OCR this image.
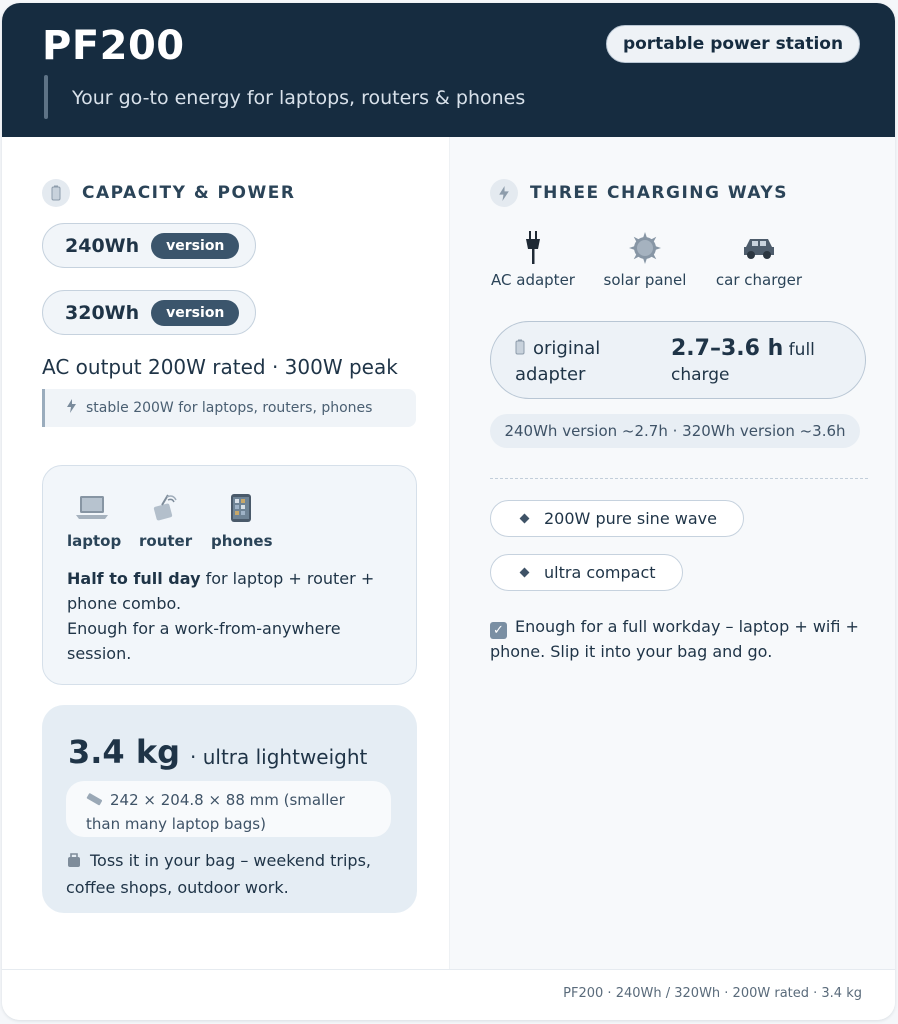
PF200	portable power station
Your go-to energy for laptops, routers & phones
CAPACITY & POWER
240Wh	version
320Wh	version
AC output 200W rated · 300W peak
stable 200W for laptops, routers, phones
laptop router phones
Half to full day for laptop + router + phone combo.
Enough for a work-from-anywhere session.
3.4 kg · ultra lightweight
242 × 204.8 × 88 mm (smaller than many laptop bags)
Toss it in your bag – weekend trips, coffee shops, outdoor work.
THREE CHARGING WAYS
AC adapter solar panel car charger
original adapter
2.7–3.6 h full charge
240Wh version ~2.7h · 320Wh version ~3.6h
200W pure sine wave
ultra compact
✓ Enough for a full workday – laptop + wifi + phone. Slip it into your bag and go.
PF200 · 240Wh / 320Wh · 200W rated · 3.4 kg
